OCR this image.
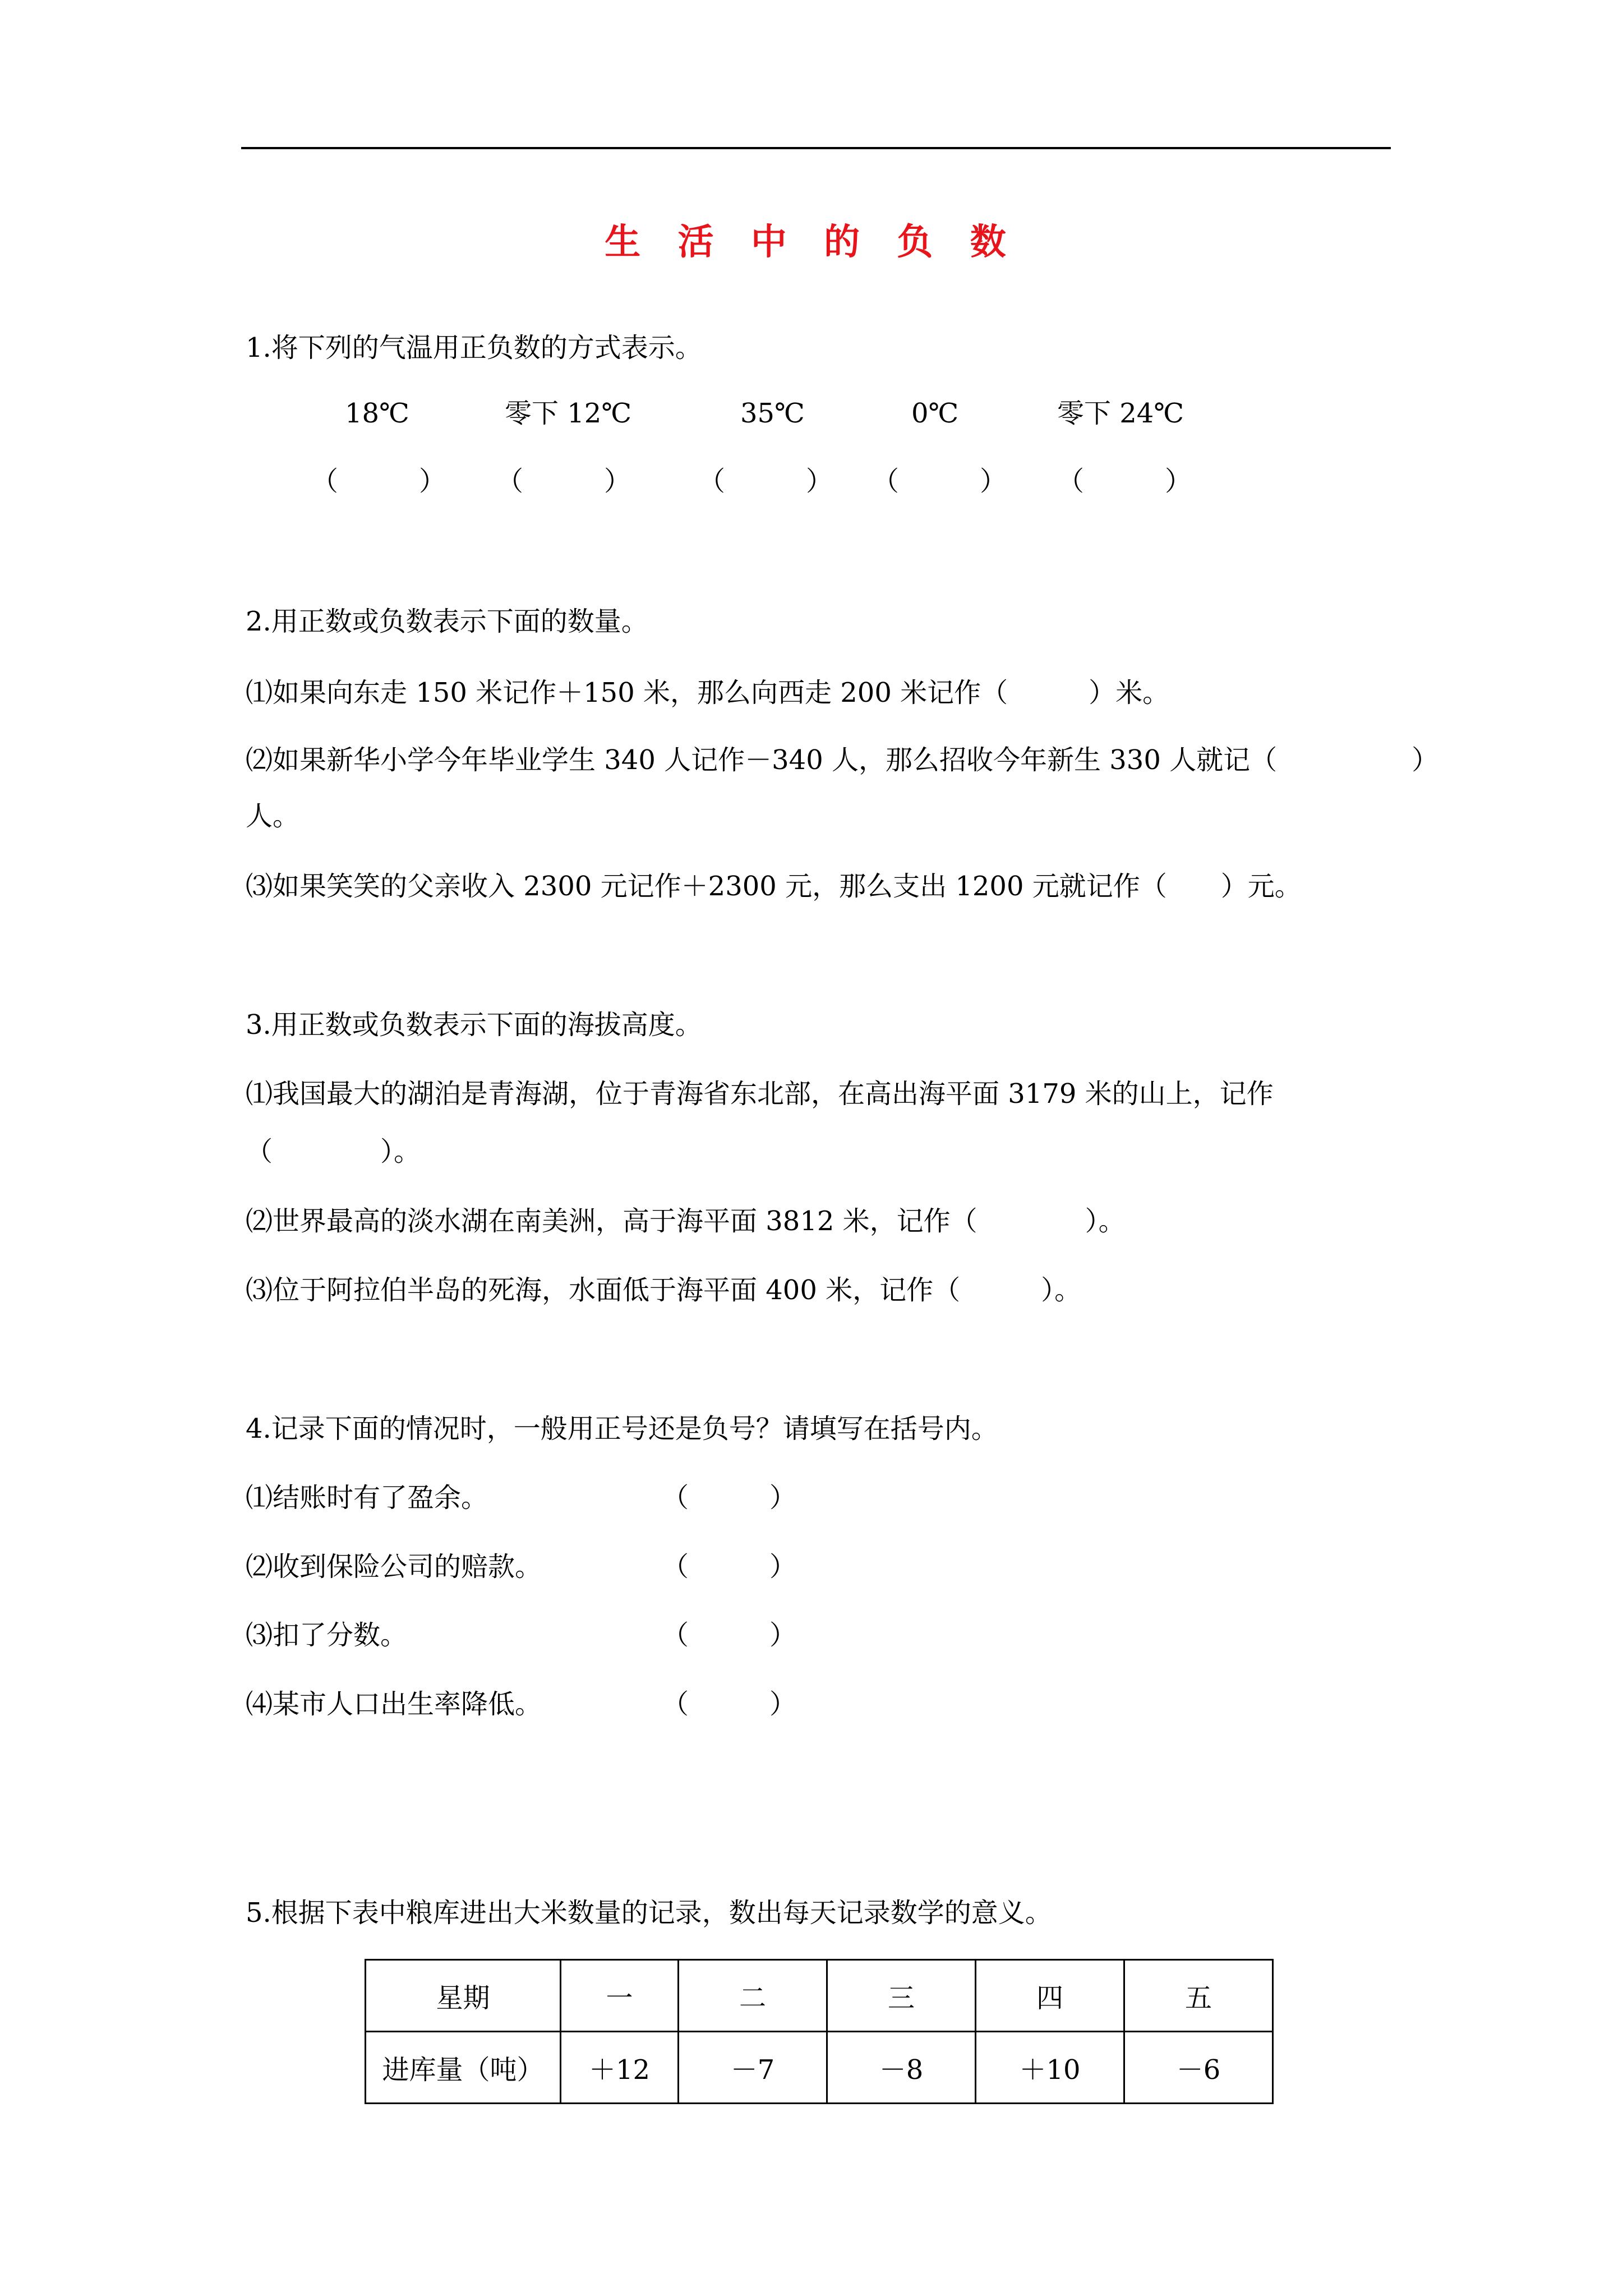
生 活 中 的 负 数
1.将下列的气温用正负数的方式表示。
18℃	零下 12℃	35℃	0℃	零下 24℃
（　　　） （　　　） （　　　） （　　　） （　　　）
2.用正数或负数表示下面的数量。
⑴如果向东走 150 米记作＋150 米，那么向西走 200 米记作（　　　）米。
⑵如果新华小学今年毕业学生 340 人记作－340 人，那么招收今年新生 330 人就记（　　　　　）
人。
⑶如果笑笑的父亲收入 2300 元记作＋2300 元，那么支出 1200 元就记作（　　）元。
3.用正数或负数表示下面的海拔高度。
⑴我国最大的湖泊是青海湖，位于青海省东北部，在高出海平面 3179 米的山上，记作
（　　　　）。
⑵世界最高的淡水湖在南美洲，高于海平面 3812 米，记作（　　　　）。
⑶位于阿拉伯半岛的死海，水面低于海平面 400 米，记作（　　　）。
4.记录下面的情况时，一般用正号还是负号？请填写在括号内。
⑴结账时有了盈余。	（　　　）
⑵收到保险公司的赔款。	（　　　）
⑶扣了分数。	（　　　）
⑷某市人口出生率降低。	（　　　）
5.根据下表中粮库进出大米数量的记录，数出每天记录数学的意义。
星期	一	二	三	四	五
进库量（吨）	＋12	－7	－8	＋10	－6
